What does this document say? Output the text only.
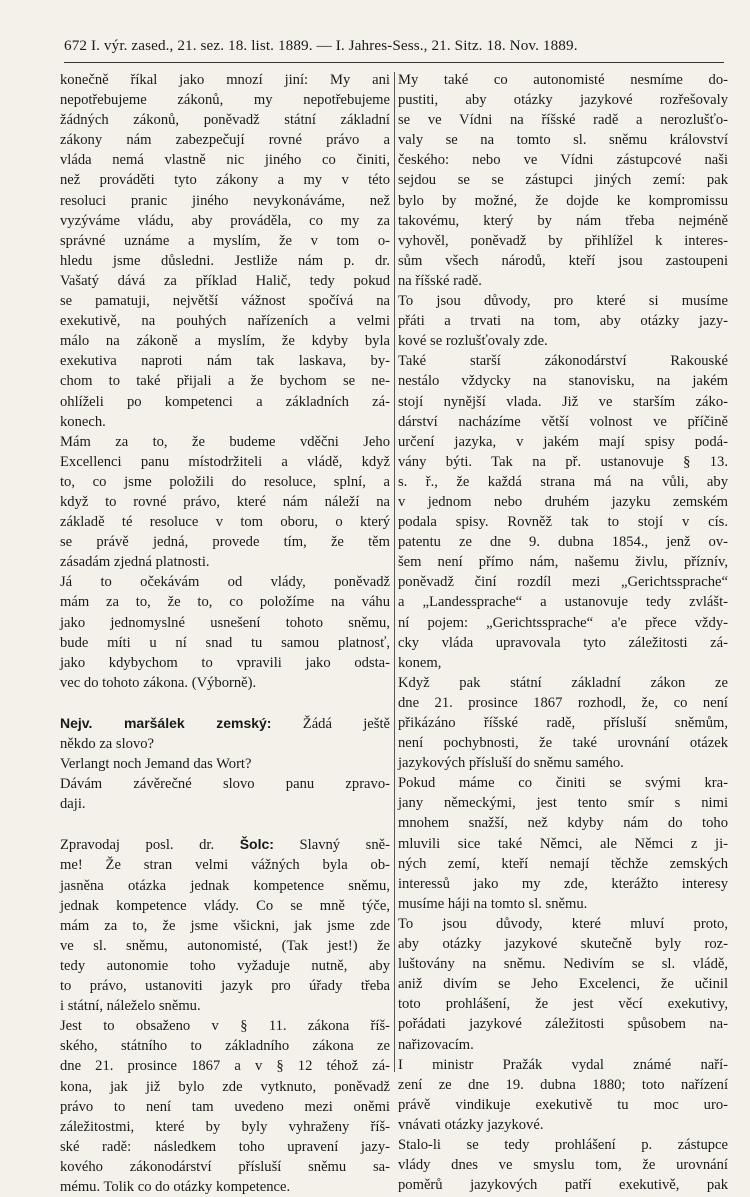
672 I. výr. zased., 21. sez. 18. list. 1889. — I. Jahres-Sess., 21. Sitz. 18. Nov. 1889.
konečně říkal jako mnozí jiní: My ani
nepotřebujeme zákonů, my nepotřebujeme
žádných zákonů, poněvadž státní základní
zákony nám zabezpečují rovné právo a
vláda nemá vlastně nic jiného co činiti,
než prováděti tyto zákony a my v této
resoluci pranic jiného nevykonáváme, než
vyzýváme vládu, aby prováděla, co my za
správné uznáme a myslím, že v tom o-
hledu jsme důsledni. Jestliže nám p. dr.
Vašatý dává za příklad Halič, tedy pokud
se pamatuji, největší vážnost spočívá na
exekutivě, na pouhých nařízeních a velmi
málo na zákoně a myslím, že kdyby byla
exekutiva naproti nám tak laskava, by-
chom to také přijali a že bychom se ne-
ohlíželi po kompetenci a základních zá-
konech.
Mám za to, že budeme vděčni Jeho
Excellenci panu místodržiteli a vládě, když
to, co jsme položili do resoluce, splní, a
když to rovné právo, které nám náleží na
základě té resoluce v tom oboru, o který
se právě jedná, provede tím, že těm
zásadám zjedná platnosti.
Já to očekávám od vlády, poněvadž
mám za to, že to, co položíme na váhu
jako jednomyslné usnešení tohoto sněmu,
bude míti u ní snad tu samou platnosť,
jako kdybychom to vpravili jako odsta-
vec do tohoto zákona. (Výborně).
Nejv. maršálek zemský: Žádá ještě
někdo za slovo?
Verlangt noch Jemand das Wort?
Dávám závěrečné slovo panu zpravo-
daji.
Zpravodaj posl. dr. Šolc: Slavný sně-
me! Že stran velmi vážných byla ob-
jasněna otázka jednak kompetence sněmu,
jednak kompetence vlády. Co se mně týče,
mám za to, že jsme všickni, jak jsme zde
ve sl. sněmu, autonomisté, (Tak jest!) že
tedy autonomie toho vyžaduje nutně, aby
to právo, ustanoviti jazyk pro úřady třeba
i státní, náleželo sněmu.
Jest to obsaženo v § 11. zákona říš-
ského, státního to základního zákona ze
dne 21. prosince 1867 a v § 12 téhož zá-
kona, jak již bylo zde vytknuto, poněvadž
právo to není tam uvedeno mezi oněmi
záležitostmi, které by byly vyhraženy říš-
ské radě: následkem toho upravení jazy-
kového zákonodárství přísluší sněmu sa-
mému. Tolik co do otázky kompetence.
My také co autonomisté nesmíme do-
pustiti, aby otázky jazykové rozřešovaly
se ve Vídni na říšské radě a nerozlušťo-
valy se na tomto sl. sněmu království
českého: nebo ve Vídni zástupcové naši
sejdou se se zástupci jiných zemí: pak
bylo by možné, že dojde ke kompromissu
takovému, který by nám třeba nejméně
vyhověl, poněvadž by přihlížel k interes-
sům všech národů, kteří jsou zastoupeni
na říšské radě.
To jsou důvody, pro které si musíme
přáti a trvati na tom, aby otázky jazy-
kové se rozlušťovaly zde.
Také starší zákonodárství Rakouské
nestálo vždycky na stanovisku, na jakém
stojí nynější vlada. Již ve starším záko-
dárství nacházíme větší volnost ve příčině
určení jazyka, v jakém mají spisy podá-
vány býti. Tak na př. ustanovuje § 13.
s. ř., že každá strana má na vůli, aby
v jednom nebo druhém jazyku zemském
podala spisy. Rovněž tak to stojí v cís.
patentu ze dne 9. dubna 1854., jenž ov-
šem není přímo nám, našemu živlu, příznív,
poněvadž činí rozdíl mezi „Gerichtssprache“
a „Landessprache“ a ustanovuje tedy zvlášt-
ní pojem: „Gerichtssprache“ a'e přece vždy-
cky vláda upravovala tyto záležitosti zá-
konem,
Když pak státní základní zákon ze
dne 21. prosince 1867 rozhodl, že, co není
přikázáno říšské radě, přísluší sněmům,
není pochybnosti, že také urovnání otázek
jazykových přísluší do sněmu samého.
Pokud máme co činiti se svými kra-
jany německými, jest tento smír s nimi
mnohem snažší, než kdyby nám do toho
mluvili sice také Němci, ale Němci z ji-
ných zemí, kteří nemají těchže zemských
interessů jako my zde, kterážto interesy
musíme háji na tomto sl. sněmu.
To jsou důvody, které mluví proto,
aby otázky jazykové skutečně byly roz-
luštovány na sněmu. Nedivím se sl. vládě,
aniž divím se Jeho Excelenci, že učinil
toto prohlášení, že jest věcí exekutivy,
pořádati jazykové záležitosti spůsobem na-
nařizovacím.
I ministr Pražák vydal známé naří-
zení ze dne 19. dubna 1880; toto nařízení
právě vindikuje exekutivě tu moc uro-
vnávati otázky jazykové.
Stalo-li se tedy prohlášení p. zástupce
vlády dnes ve smyslu tom, že urovnání
poměrů jazykových patří exekutivě, pak
